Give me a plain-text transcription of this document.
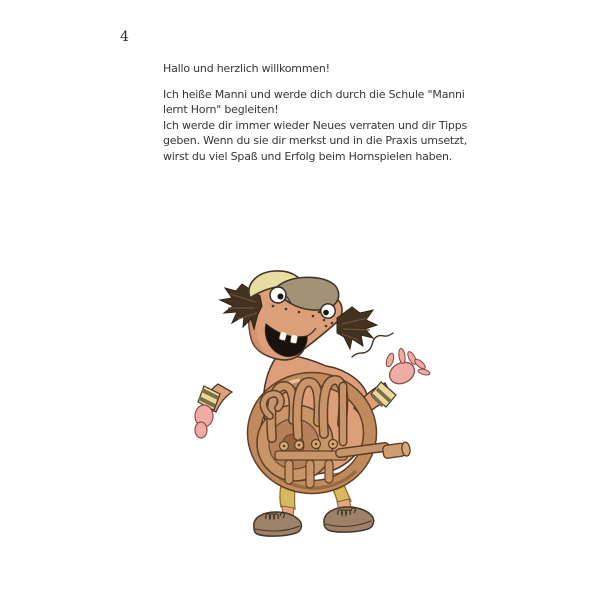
4
Hallo und herzlich willkommen!
Ich heiße Manni und werde dich durch die Schule "Manni
lernt Horn" begleiten!
Ich werde dir immer wieder Neues verraten und dir Tipps
geben. Wenn du sie dir merkst und in die Praxis umsetzt,
wirst du viel Spaß und Erfolg beim Hornspielen haben.
